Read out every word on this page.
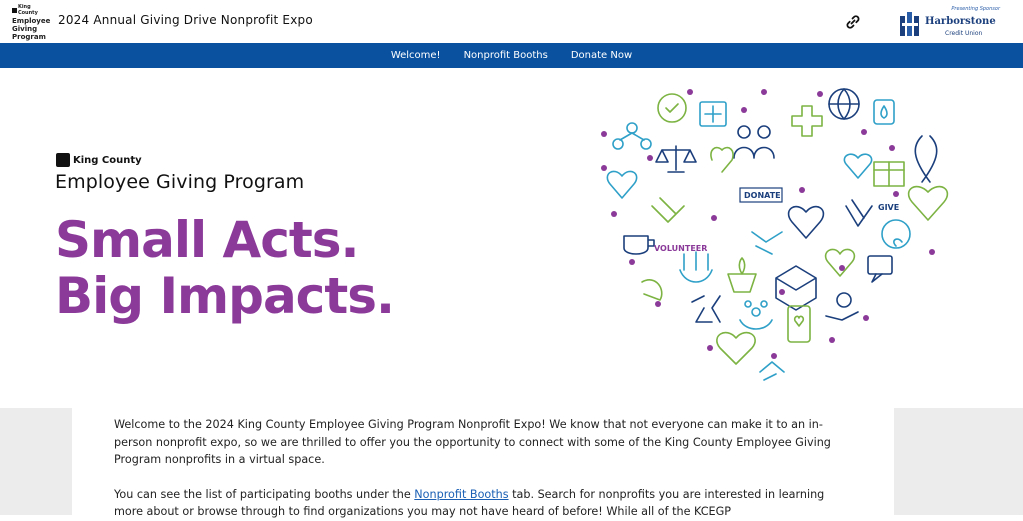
King County
Employee
Giving
Program
2024 Annual Giving Drive Nonprofit Expo
Presenting Sponsor
Harborstone
Credit Union
Welcome! Nonprofit Booths Donate Now
King County
Employee Giving Program
Small Acts.
Big Impacts.
DONATE
VOLUNTEER
GIVE

Welcome to the 2024 King County Employee Giving Program Nonprofit Expo! We know that not everyone can make it to an in-person nonprofit expo, so we are thrilled to offer you the opportunity to connect with some of the King County Employee Giving Program nonprofits in a virtual space.

You can see the list of participating booths under the Nonprofit Booths tab. Search for nonprofits you are interested in learning more about or browse through to find organizations you may not have heard of before! While all of the KCEGP
